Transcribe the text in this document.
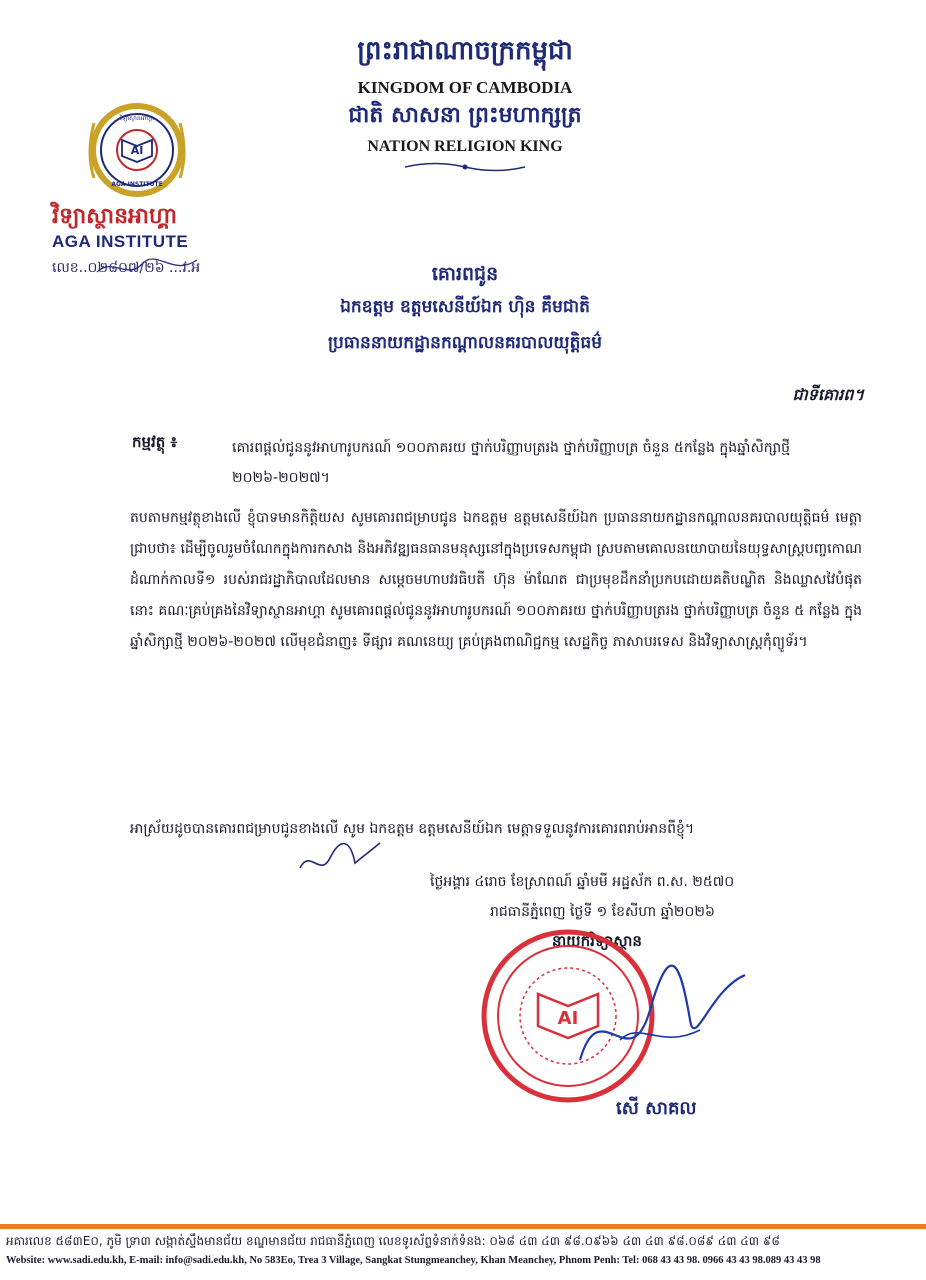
ព្រះរាជាណាចក្រកម្ពុជា
KINGDOM OF CAMBODIA
ជាតិ សាសនា ព្រះមហាក្សត្រ
NATION RELIGION KING
AI
វិទ្យាស្ថានអាហ្គា
AGA INSTITUTE
វិទ្យាស្ថានអាហ្គា
AGA INSTITUTE
លេខ..០២៨០៧/២៦ ...វ.អ	គោរពជូន
ឯកឧត្តម ឧត្តមសេនីយ៍ឯក ហ៊ិន គឹមជាតិ
ប្រធាននាយកដ្ឋានកណ្តាលនគរបាលយុត្តិធម៌
ជាទីគោរព។
កម្មវត្ថុ ៖	គោរពផ្តល់ជូននូវអាហារូបករណ៍ ១០០ភាគរយ ថ្នាក់បរិញ្ញាបត្ររង ថ្នាក់បរិញ្ញាបត្រ ចំនួន ៥កន្លែង ក្នុងឆ្នាំសិក្សាថ្មី ២០២៦-២០២៧។
តបតាមកម្មវត្ថុខាងលើ ខ្ញុំបាទមានកិត្តិយស សូមគោរពជម្រាបជូន ឯកឧត្តម ឧត្តមសេនីយ៍ឯក ប្រធាននាយកដ្ឋានកណ្តាលនគរបាលយុត្តិធម៌ មេត្តាជ្រាបថា៖ ដើម្បីចូលរួមចំណែកក្នុងការកសាង និងអភិវឌ្ឍធនធានមនុស្សនៅក្នុងប្រទេសកម្ពុជា ស្របតាមគោលនយោបាយនៃយុទ្ធសាស្ត្របញ្ចកោណដំណាក់កាលទី១ របស់រាជរដ្ឋាភិបាលដែលមាន សម្តេចមហាបវរធិបតី ហ៊ុន ម៉ាណែត ជាប្រមុខដឹកនាំប្រកបដោយគតិបណ្ឌិត និងឈ្លាសវៃបំផុតនោះ គណៈគ្រប់គ្រងនៃវិទ្យាស្ថានអាហ្គា សូមគោរពផ្តល់ជូននូវអាហារូបករណ៍ ១០០ភាគរយ ថ្នាក់បរិញ្ញាបត្ររង ថ្នាក់បរិញ្ញាបត្រ ចំនួន ៥ កន្លែង ក្នុងឆ្នាំសិក្សាថ្មី ២០២៦-២០២៧ លើមុខជំនាញ៖ ទីផ្សារ គណនេយ្យ គ្រប់គ្រងពាណិជ្ជកម្ម សេដ្ឋកិច្ច ភាសាបរទេស និងវិទ្យាសាស្ត្រកុំព្យូទ័រ។
អាស្រ័យដូចបានគោរពជម្រាបជូនខាងលើ សូម ឯកឧត្តម ឧត្តមសេនីយ៍ឯក មេត្តាទទួលនូវការគោរពរាប់អានពីខ្ញុំ។
ថ្ងៃអង្គារ ៤រោច ខែស្រាពណ៍ ឆ្នាំមមី អដ្ឋស័ក ព.ស. ២៥៧០
រាជធានីភ្នំពេញ ថ្ងៃទី ១ ខែសីហា ឆ្នាំ២០២៦
នាយកវិទ្យាស្ថាន
AI
សើ សាគល
អគារលេខ ៥៨៣E០, ភូមិ ទ្រា៣ សង្កាត់ស្ទឹងមានជ័យ ខណ្ឌមានជ័យ រាជធានីភ្នំពេញ លេខទូរស័ព្ទទំនាក់ទំនង: ០៦៨ ៤៣ ៤៣ ៩៨.០៩៦៦ ៤៣ ៤៣ ៩៨.០៨៩ ៤៣ ៤៣ ៩៨
Website: www.sadi.edu.kh, E-mail: info@sadi.edu.kh, No 583Eo, Trea 3 Village, Sangkat Stungmeanchey, Khan Meanchey, Phnom Penh: Tel: 068 43 43 98. 0966 43 43 98.089 43 43 98
